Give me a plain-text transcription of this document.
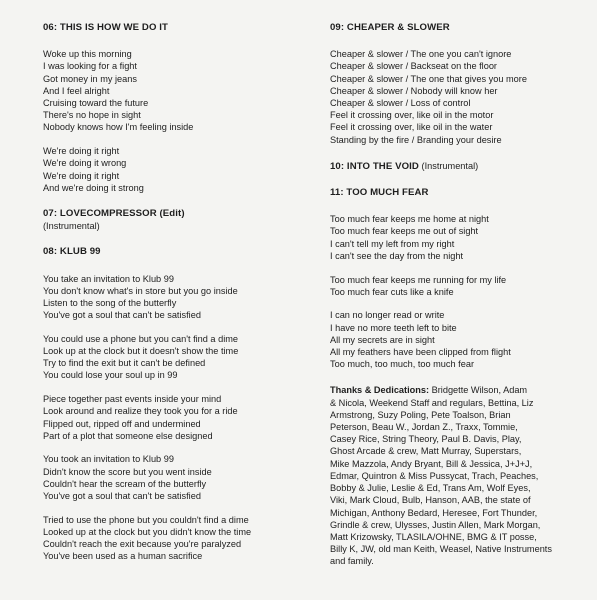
06: THIS IS HOW WE DO IT
Woke up this morning
I was looking for a fight
Got money in my jeans
And I feel alright
Cruising toward the future
There's no hope in sight
Nobody knows how I'm feeling inside
We're doing it right
We're doing it wrong
We're doing it right
And we're doing it strong
07: LOVECOMPRESSOR (Edit)
(Instrumental)
08: KLUB 99
You take an invitation to Klub 99
You don't know what's in store but you go inside
Listen to the song of the butterfly
You've got a soul that can't be satisfied
You could use a phone but you can't find a dime
Look up at the clock but it doesn't show the time
Try to find the exit but it can't be defined
You could lose your soul up in 99
Piece together past events inside your mind
Look around and realize they took you for a ride
Flipped out, ripped off and undermined
Part of a plot that someone else designed
You took an invitation to Klub 99
Didn't know the score but you went inside
Couldn't hear the scream of the butterfly
You've got a soul that can't be satisfied
Tried to use the phone but you couldn't find a dime
Looked up at the clock but you didn't know the time
Couldn't reach the exit because you're paralyzed
You've been used as a human sacrifice
09: CHEAPER & SLOWER
Cheaper & slower / The one you can't ignore
Cheaper & slower / Backseat on the floor
Cheaper & slower / The one that gives you more
Cheaper & slower / Nobody will know her
Cheaper & slower / Loss of control
Feel it crossing over, like oil in the motor
Feel it crossing over, like oil in the water
Standing by the fire / Branding your desire
10: INTO THE VOID (Instrumental)
11: TOO MUCH FEAR
Too much fear keeps me home at night
Too much fear keeps me out of sight
I can't tell my left from my right
I can't see the day from the night
Too much fear keeps me running for my life
Too much fear cuts like a knife
I can no longer read or write
I have no more teeth left to bite
All my secrets are in sight
All my feathers have been clipped from flight
Too much, too much, too much fear
Thanks & Dedications: Bridgette Wilson, Adam
& Nicola, Weekend Staff and regulars, Bettina, Liz
Armstrong, Suzy Poling, Pete Toalson, Brian
Peterson, Beau W., Jordan Z., Traxx, Tommie,
Casey Rice, String Theory, Paul B. Davis, Play,
Ghost Arcade & crew, Matt Murray, Superstars,
Mike Mazzola, Andy Bryant, Bill & Jessica, J+J+J,
Edmar, Quintron & Miss Pussycat, Trach, Peaches,
Bobby & Julie, Leslie & Ed, Trans Am, Wolf Eyes,
Viki, Mark Cloud, Bulb, Hanson, AAB, the state of
Michigan, Anthony Bedard, Heresee, Fort Thunder,
Grindle & crew, Ulysses, Justin Allen, Mark Morgan,
Matt Krizowsky, TLASILA/OHNE, BMG & IT posse,
Billy K, JW, old man Keith, Weasel, Native Instruments
and family.
